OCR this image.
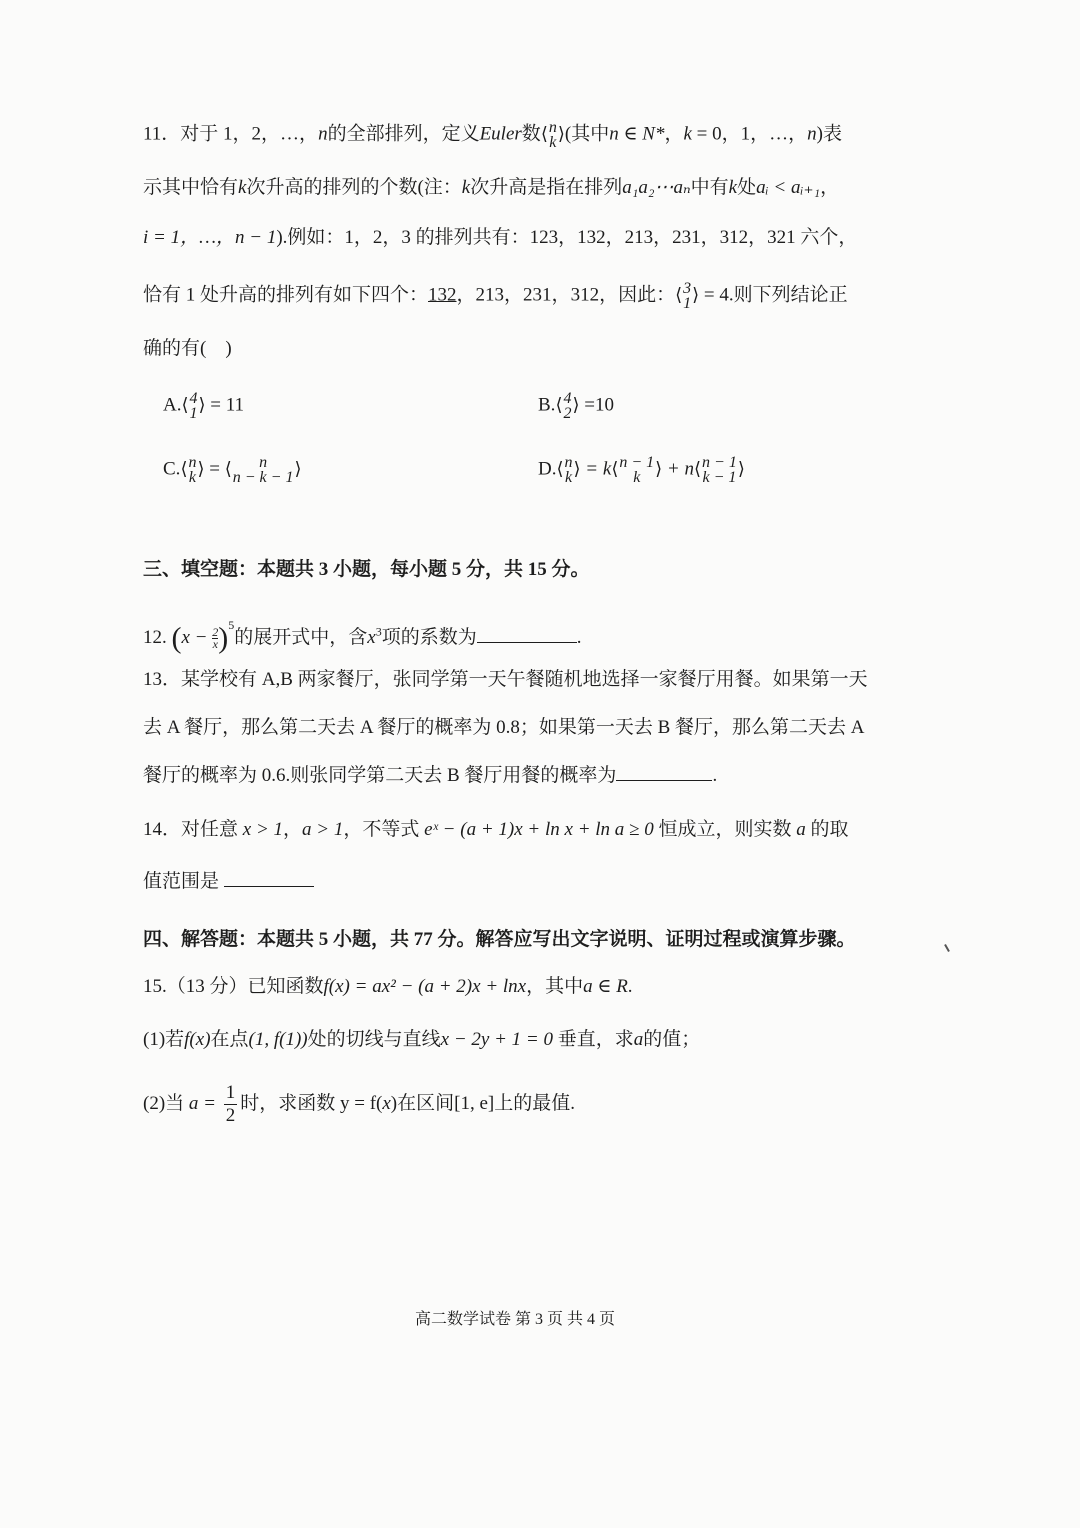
11．对于 1，2，…，n的全部排列，定义Euler数⟨ n
k ⟩(其中n ∈ N*，k = 0，1，…，n)表
示其中恰有k次升高的排列的个数(注：k次升高是指在排列a₁a₂⋯aₙ中有k处aᵢ < aᵢ₊₁，
i = 1，…，n − 1).例如：1，2，3 的排列共有：123，132，213，231，312，321 六个，
恰有 1 处升高的排列有如下四个：132，213，231，312，因此：⟨ 3
1 ⟩ = 4.则下列结论正
确的有(　)
A.⟨ 4
1 ⟩ = 11	B.⟨ 4
2 ⟩ =10
C.⟨ n
k ⟩ = ⟨ n
n − k − 1 ⟩	D.⟨ n
k ⟩ = k⟨ n − 1
k ⟩ + n⟨ n − 1
k − 1 ⟩
三、填空题：本题共 3 小题，每小题 5 分，共 15 分。
12. $(x - \frac{2}{x} )^5$的展开式中，含$x^3$项的系数为	.
13．某学校有 A,B 两家餐厅，张同学第一天午餐随机地选择一家餐厅用餐。如果第一天
去 A 餐厅，那么第二天去 A 餐厅的概率为 0.8；如果第一天去 B 餐厅，那么第二天去 A
餐厅的概率为 0.6.则张同学第二天去 B 餐厅用餐的概率为	.
14．对任意 x > 1，a > 1，不等式 eˣ − (a + 1)x + ln x + ln a ≥ 0 恒成立，则实数 a 的取
值范围是
四、解答题：本题共 5 小题，共 77 分。解答应写出文字说明、证明过程或演算步骤。
15.（13 分）已知函数f(x) = ax² − (a + 2)x + lnx，其中a ∈ R.
(1)若f(x)在点(1, f(1))处的切线与直线x − 2y + 1 = 0 垂直，求a的值；
(2)当 $a = \frac{1}{2}$ 时，求函数 y = f(x)在区间[1, e]上的最值.
高二数学试卷 第 3 页 共 4 页
